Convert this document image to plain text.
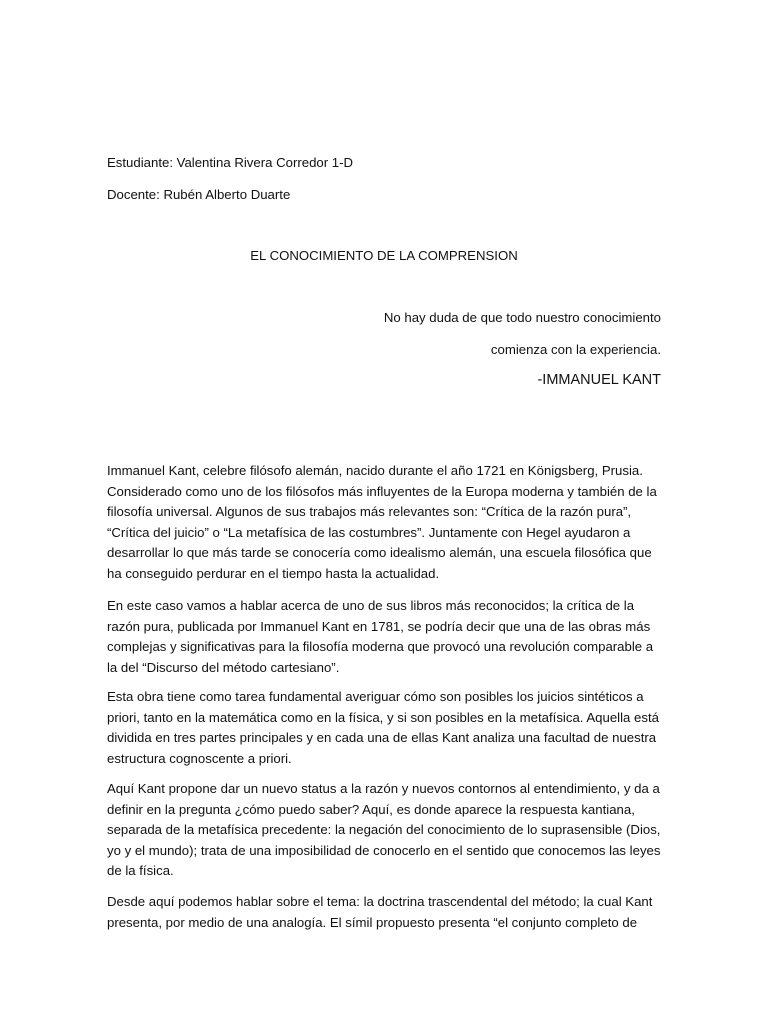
Estudiante: Valentina Rivera Corredor 1-D
Docente: Rubén Alberto Duarte
EL CONOCIMIENTO DE LA COMPRENSION
No hay duda de que todo nuestro conocimiento
comienza con la experiencia.
-IMMANUEL KANT

Immanuel Kant, celebre filósofo alemán, nacido durante el año 1721 en Königsberg, Prusia. Considerado como uno de los filósofos más influyentes de la Europa moderna y también de la filosofía universal. Algunos de sus trabajos más relevantes son: “Crítica de la razón pura”, “Crítica del juicio” o “La metafísica de las costumbres”. Juntamente con Hegel ayudaron a desarrollar lo que más tarde se conocería como idealismo alemán, una escuela filosófica que ha conseguido perdurar en el tiempo hasta la actualidad.

En este caso vamos a hablar acerca de uno de sus libros más reconocidos; la crítica de la razón pura, publicada por Immanuel Kant en 1781, se podría decir que una de las obras más complejas y significativas para la filosofía moderna que provocó una revolución comparable a la del “Discurso del método cartesiano”.

Esta obra tiene como tarea fundamental averiguar cómo son posibles los juicios sintéticos a priori, tanto en la matemática como en la física, y si son posibles en la metafísica. Aquella está dividida en tres partes principales y en cada una de ellas Kant analiza una facultad de nuestra estructura cognoscente a priori.

Aquí Kant propone dar un nuevo status a la razón y nuevos contornos al entendimiento, y da a definir en la pregunta ¿cómo puedo saber? Aquí, es donde aparece la respuesta kantiana, separada de la metafísica precedente: la negación del conocimiento de lo suprasensible (Dios, yo y el mundo); trata de una imposibilidad de conocerlo en el sentido que conocemos las leyes de la física.

Desde aquí podemos hablar sobre el tema: la doctrina trascendental del método; la cual Kant presenta, por medio de una analogía. El símil propuesto presenta “el conjunto completo de
